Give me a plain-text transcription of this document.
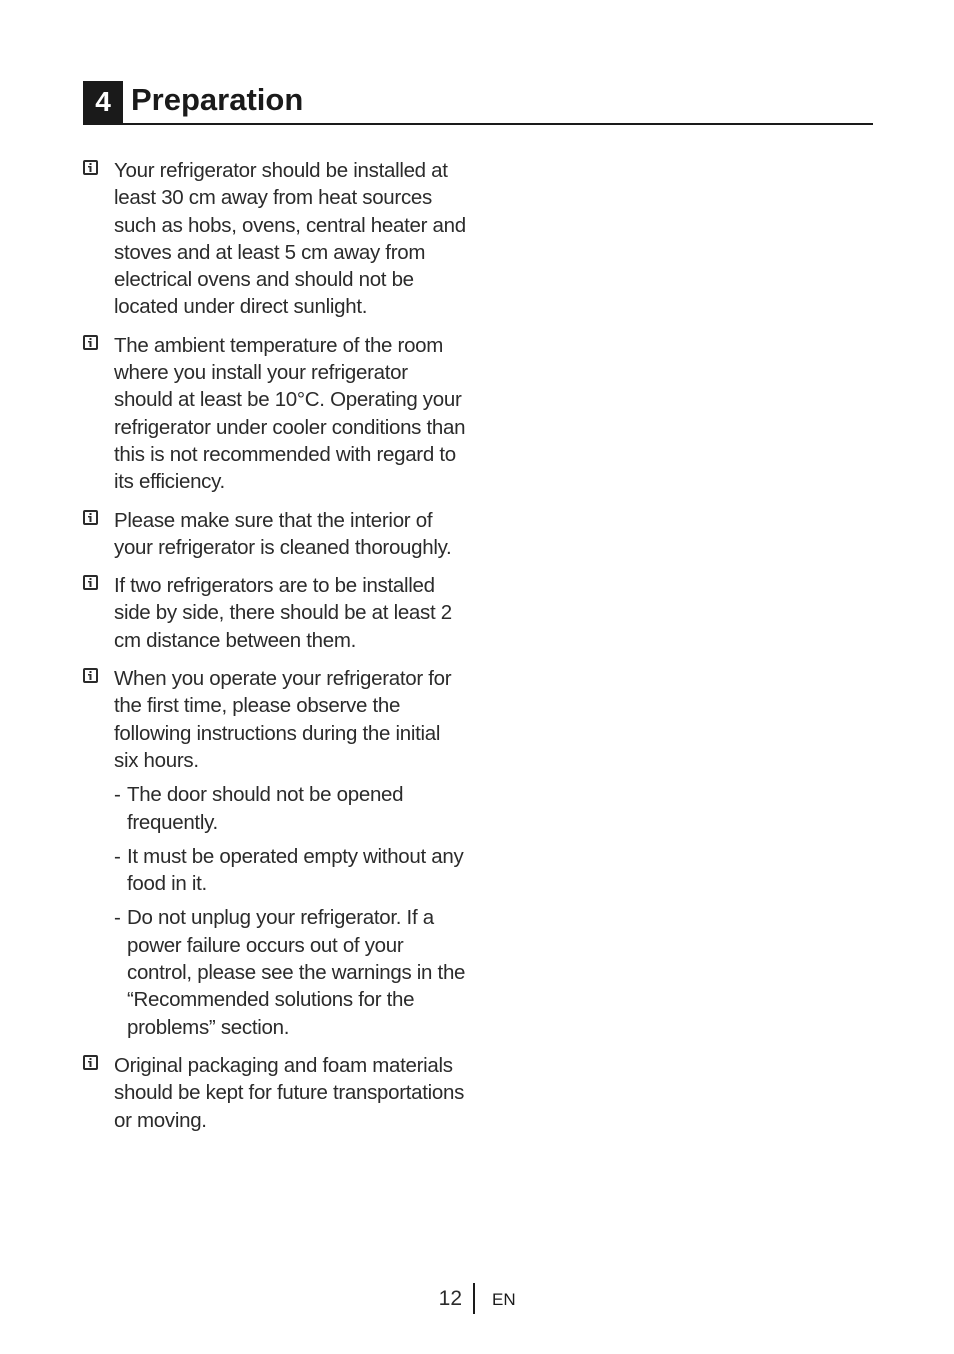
4 Preparation
Your refrigerator should be installed at least 30 cm away from heat sources such as hobs, ovens, central heater and stoves and at least 5 cm away from electrical ovens and should not be located under direct sunlight.
The ambient temperature of the room where you install your refrigerator should at least be 10°C. Operating your refrigerator under cooler conditions than this is not recommended with regard to its efficiency.
Please make sure that the interior of your refrigerator is cleaned thoroughly.
If two refrigerators are to be installed side by side, there should be at least 2 cm distance between them.
When you operate your refrigerator for the first time, please observe the following instructions during the initial six hours.
- The door should not be opened frequently.
- It must be operated empty without any food in it.
- Do not unplug your refrigerator. If a power failure occurs out of your control, please see the warnings in the “Recommended solutions for the problems” section.
Original packaging and foam materials should be kept for future transportations or moving.
12 EN
